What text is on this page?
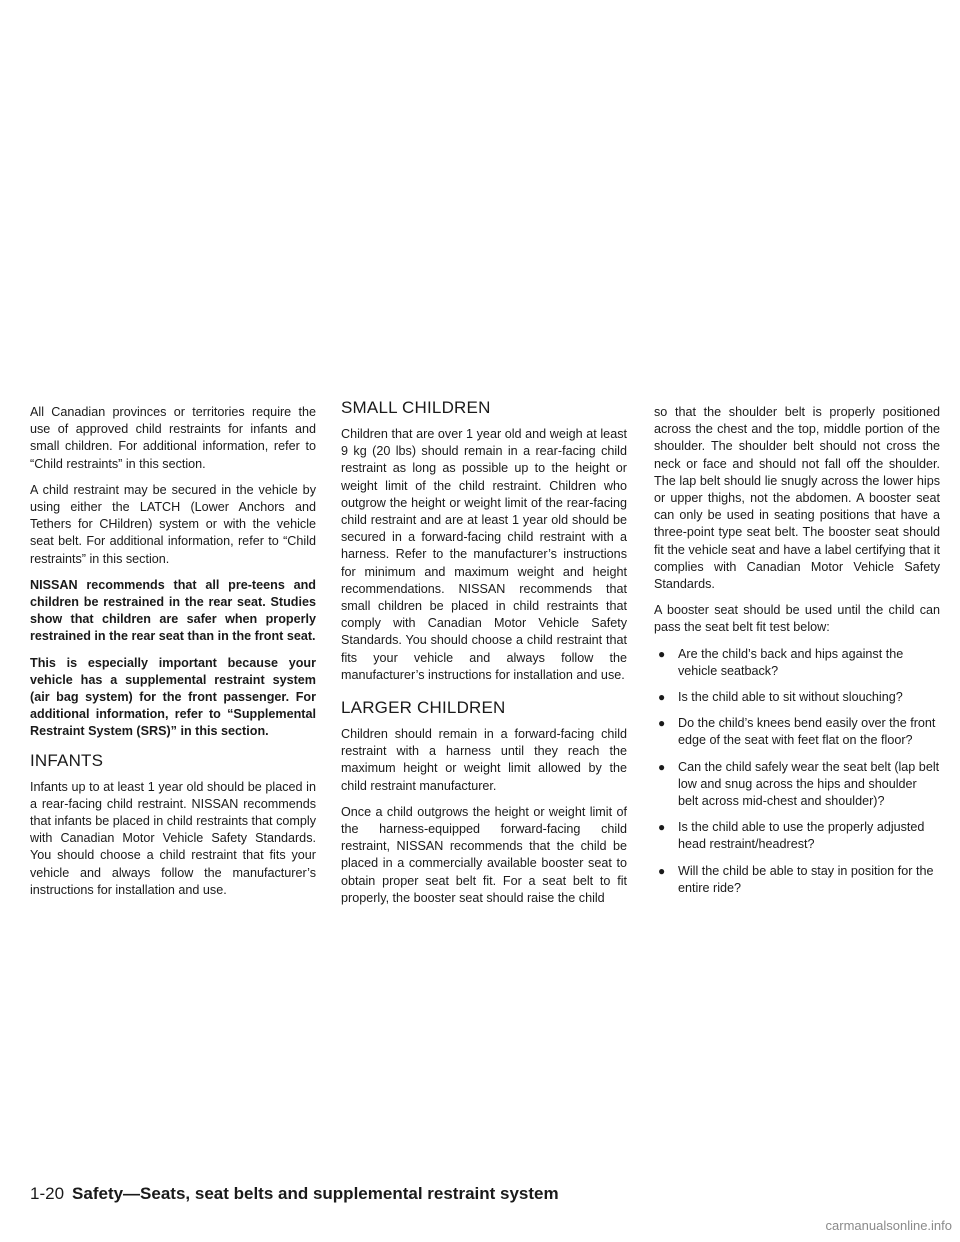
All Canadian provinces or territories require the use of approved child restraints for infants and small children. For additional information, refer to “Child restraints” in this section.

A child restraint may be secured in the vehicle by using either the LATCH (Lower Anchors and Tethers for CHildren) system or with the vehicle seat belt. For additional information, refer to “Child restraints” in this section.

NISSAN recommends that all pre-teens and children be restrained in the rear seat. Studies show that children are safer when properly restrained in the rear seat than in the front seat.

This is especially important because your vehicle has a supplemental restraint system (air bag system) for the front passenger. For additional information, refer to “Supplemental Restraint System (SRS)” in this section.

INFANTS

Infants up to at least 1 year old should be placed in a rear-facing child restraint. NISSAN recommends that infants be placed in child restraints that comply with Canadian Motor Vehicle Safety Standards. You should choose a child restraint that fits your vehicle and always follow the manufacturer’s instructions for installation and use.

SMALL CHILDREN

Children that are over 1 year old and weigh at least 9 kg (20 lbs) should remain in a rear-facing child restraint as long as possible up to the height or weight limit of the child restraint. Children who outgrow the height or weight limit of the rear-facing child restraint and are at least 1 year old should be secured in a forward-facing child restraint with a harness. Refer to the manufacturer’s instructions for minimum and maximum weight and height recommendations. NISSAN recommends that small children be placed in child restraints that comply with Canadian Motor Vehicle Safety Standards. You should choose a child restraint that fits your vehicle and always follow the manufacturer’s instructions for installation and use.

LARGER CHILDREN

Children should remain in a forward-facing child restraint with a harness until they reach the maximum height or weight limit allowed by the child restraint manufacturer.

Once a child outgrows the height or weight limit of the harness-equipped forward-facing child restraint, NISSAN recommends that the child be placed in a commercially available booster seat to obtain proper seat belt fit. For a seat belt to fit properly, the booster seat should raise the child

so that the shoulder belt is properly positioned across the chest and the top, middle portion of the shoulder. The shoulder belt should not cross the neck or face and should not fall off the shoulder. The lap belt should lie snugly across the lower hips or upper thighs, not the abdomen. A booster seat can only be used in seating positions that have a three-point type seat belt. The booster seat should fit the vehicle seat and have a label certifying that it complies with Canadian Motor Vehicle Safety Standards.

A booster seat should be used until the child can pass the seat belt fit test below:

● Are the child’s back and hips against the vehicle seatback?
● Is the child able to sit without slouching?
● Do the child’s knees bend easily over the front edge of the seat with feet flat on the floor?
● Can the child safely wear the seat belt (lap belt low and snug across the hips and shoulder belt across mid-chest and shoulder)?
● Is the child able to use the properly adjusted head restraint/headrest?
● Will the child be able to stay in position for the entire ride?
1-20 Safety—Seats, seat belts and supplemental restraint system
carmanualsonline.info
